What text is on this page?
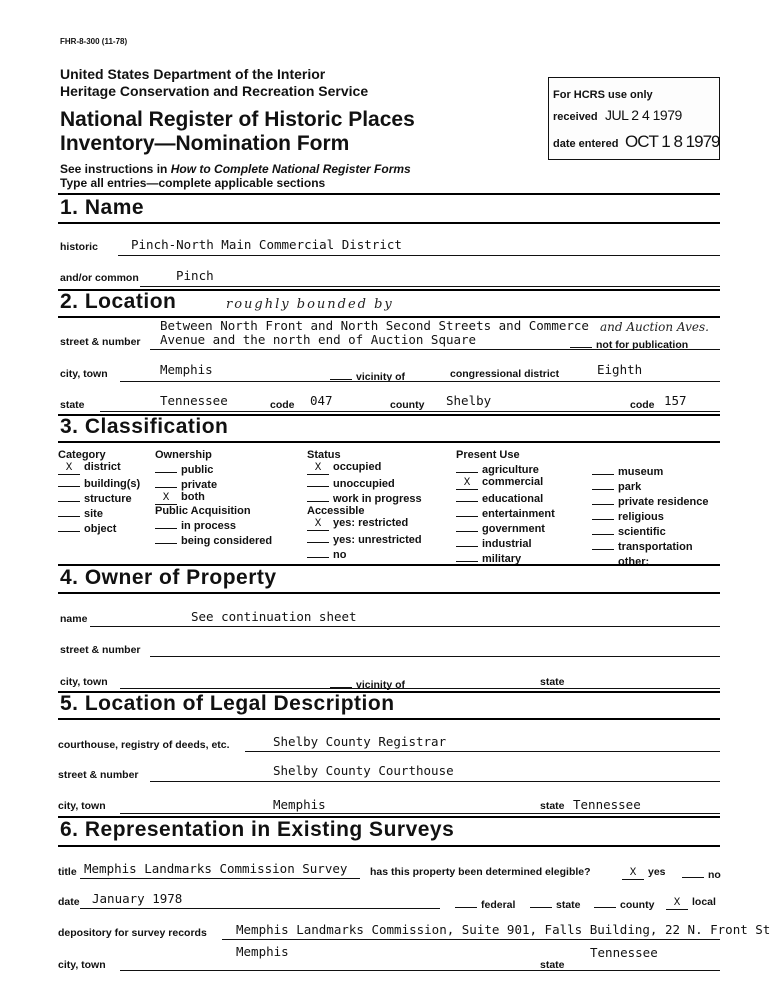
FHR-8-300 (11-78)
United States Department of the Interior
Heritage Conservation and Recreation Service
National Register of Historic Places
Inventory—Nomination Form
See instructions in How to Complete National Register Forms
Type all entries—complete applicable sections
For HCRS use only
received JUL 2 4 1979
date entered OCT 1 8 1979
1. Name
historic	Pinch-North Main Commercial District
and/or common	Pinch
2. Location	roughly bounded by
and Auction Aves.
Between North Front and North Second Streets and Commerce
street & number Avenue and the north end of Auction Square	not for publication
city, town	Memphis	vicinity of	congressional district	Eighth
state	Tennessee	code 047	county Shelby	code 157
3. Classification
Category
X district
building(s)
structure
site
object
Ownership
public
private
X both
Public Acquisition
in process
being considered
Status
X occupied
unoccupied
work in progress
Accessible
X yes: restricted
yes: unrestricted
no
Present Use
agriculture
X commercial
educational
entertainment
government
industrial
military
museum
park
private residence
religious
scientific
transportation
other:
4. Owner of Property
name	See continuation sheet
street & number
city, town	vicinity of	state
5. Location of Legal Description
courthouse, registry of deeds, etc.	Shelby County Registrar
street & number	Shelby County Courthouse
city, town	Memphis	state Tennessee
6. Representation in Existing Surveys
title Memphis Landmarks Commission Survey has this property been determined elegible?	X yes	no
date January 1978	federal	state	county	X local
depository for survey records Memphis Landmarks Commission, Suite 901, Falls Building, 22 N. Front St
city, town
Memphis
state
Tennessee
